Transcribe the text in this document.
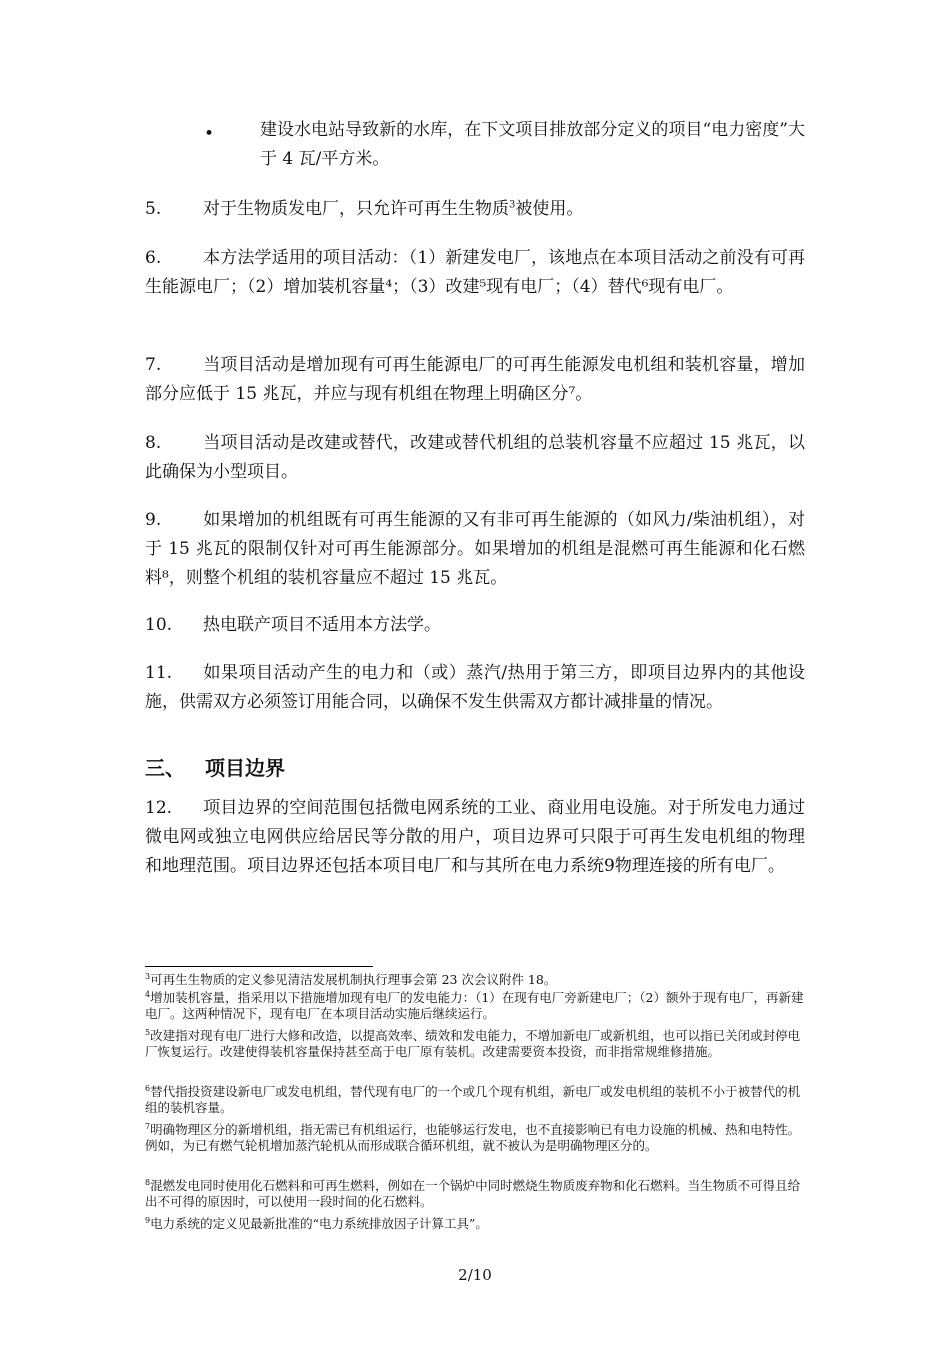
•	建设水电站导致新的水库，在下文项目排放部分定义的项目“电力密度”大于 4 瓦/平方米。
5. 对于生物质发电厂，只允许可再生生物质$^3$被使用。
6. 本方法学适用的项目活动：（1）新建发电厂，该地点在本项目活动之前没有可再生能源电厂；（2）增加装机容量⁴；（3）改建⁵现有电厂；（4）替代⁶现有电厂。
7. 当项目活动是增加现有可再生能源电厂的可再生能源发电机组和装机容量，增加部分应低于 15 兆瓦，并应与现有机组在物理上明确区分⁷。
8. 当项目活动是改建或替代，改建或替代机组的总装机容量不应超过 15 兆瓦，以此确保为小型项目。
9. 如果增加的机组既有可再生能源的又有非可再生能源的（如风力/柴油机组），对于 15 兆瓦的限制仅针对可再生能源部分。如果增加的机组是混燃可再生能源和化石燃料⁸，则整个机组的装机容量应不超过 15 兆瓦。
10. 热电联产项目不适用本方法学。
11. 如果项目活动产生的电力和（或）蒸汽/热用于第三方，即项目边界内的其他设施，供需双方必须签订用能合同，以确保不发生供需双方都计减排量的情况。
三、 项目边界
12. 项目边界的空间范围包括微电网系统的工业、商业用电设施。对于所发电力通过微电网或独立电网供应给居民等分散的用户，项目边界可只限于可再生发电机组的物理和地理范围。项目边界还包括本项目电厂和与其所在电力系统9物理连接的所有电厂。
$^3$可再生生物质的定义参见清洁发展机制执行理事会第 23 次会议附件 18。
$^4$增加装机容量，指采用以下措施增加现有电厂的发电能力：（1）在现有电厂旁新建电厂；（2）额外于现有电厂，再新建电厂。这两种情况下，现有电厂在本项目活动实施后继续运行。
$^5$改建指对现有电厂进行大修和改造，以提高效率、绩效和发电能力，不增加新电厂或新机组，也可以指已关闭或封停电厂恢复运行。改建使得装机容量保持甚至高于电厂原有装机。改建需要资本投资，而非指常规维修措施。
$^6$替代指投资建设新电厂或发电机组，替代现有电厂的一个或几个现有机组，新电厂或发电机组的装机不小于被替代的机组的装机容量。
$^7$明确物理区分的新增机组，指无需已有机组运行，也能够运行发电，也不直接影响已有电力设施的机械、热和电特性。例如，为已有燃气轮机增加蒸汽轮机从而形成联合循环机组，就不被认为是明确物理区分的。
$^8$混燃发电同时使用化石燃料和可再生燃料，例如在一个锅炉中同时燃烧生物质废弃物和化石燃料。当生物质不可得且给出不可得的原因时，可以使用一段时间的化石燃料。
$^9$电力系统的定义见最新批准的“电力系统排放因子计算工具”。
2/10
